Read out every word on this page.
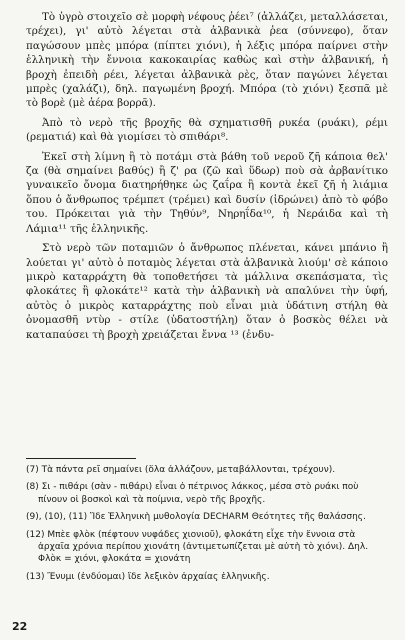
Τὸ ὑγρὸ στοιχεῖο σὲ μορφὴ νέφους ῥέει⁷ (ἀλλάζει, μεταλλάσεται, τρέχει), γι' αὐτὸ λέγεται στὰ ἀλβανικὰ ῥεα (σύννεφο), ὅταν παγώσουν μπὲς μπόρα (πίπτει χιόνι), ἡ λέξις μπόρα παίρνει στὴν ἑλληνικὴ τὴν ἔννοια κακοκαιρίας καθὼς καὶ στὴν ἀλβανική, ἡ βροχὴ ἐπειδὴ ρέει, λέγεται ἀλβανικὰ ρὲς, ὅταν παγώνει λέγεται μπρὲς (χαλάζι), δηλ. παγωμένη βροχή. Μπόρα (τὸ χιόνι) ξεσπᾶ μὲ τὸ βορὲ (μὲ ἀέρα βορρᾶ).

Ἀπὸ τὸ νερὸ τῆς βροχῆς θὰ σχηματισθῆ ρυκέα (ρυάκι), ρέμι (ρεματιά) καὶ θὰ γιομίσει τὸ σπιθάρι⁸.

Ἐκεῖ στὴ λίμνη ἢ τὸ ποτάμι στὰ βάθη τοῦ νεροῦ ζῆ κάποια θελ' ζα (θὰ σημαίνει βαθύς) ἢ ζ' ρα (ζῶ καὶ ὕδωρ) ποὺ σὰ ἀρβανίτικο γυναικεῖο ὄνομα διατηρήθηκε ὡς ζαΐρα ἢ κοντὰ ἐκεῖ ζῆ ἡ λιάμια ὅπου ὁ ἄνθρωπος τρέμπετ (τρέμει) καὶ δυσίν (ἱδρώνει) ἀπὸ τὸ φόβο του. Πρόκειται γιὰ τὴν Τηθύν⁹, Νηρηΐδα¹⁰, ἡ Νεράιδα καὶ τὴ Λάμια¹¹ τῆς ἑλληνικῆς.

Στὸ νερὸ τῶν ποταμιῶν ὁ ἄνθρωπος πλένεται, κάνει μπάνιο ἢ λούεται γι' αὐτὸ ὁ ποταμὸς λέγεται στὰ ἀλβανικὰ λιούμ' σὲ κάποιο μικρὸ καταρράχτη θὰ τοποθετήσει τὰ μάλλινα σκεπάσματα, τὶς φλοκάτες ἢ φλοκάτε¹² κατὰ τὴν ἀλβανικὴ νὰ απαλύνει τὴν ὑφή, αὐτὸς ὁ μικρὸς καταρράχτης ποὺ εἶναι μιὰ ὑδάτινη στήλη θὰ ὀνομασθῆ ντὺρ - στίλε (ὑδατοστήλη) ὅταν ὁ βοσκὸς θέλει νὰ καταπαύσει τὴ βροχὴ χρειάζεται ἔννα ¹³ (ἐνδυ-

(7) Τὰ πάντα ρεῖ σημαίνει (ὅλα ἀλλάζουν, μεταβάλλονται, τρέχουν).
(8) Σι - πιθάρι (σὰν - πιθάρι) εἶναι ὁ πέτρινος λάκκος, μέσα στὸ ρυάκι ποὺ πίνουν οἱ βοσκοὶ καὶ τὰ ποίμνια, νερὸ τῆς βροχῆς.
(9), (10), (11) Ἴδε Ἑλληνικὴ μυθολογία DECHARM Θεότητες τῆς θαλάσσης.
(12) Μπὲε φλὸκ (πέφτουν νυφάδες χιονιοῦ), φλοκάτη εἶχε τὴν ἔννοια στὰ ἀρχαῖα χρόνια περίπου χιονάτη (ἀντιμετωπίζεται μὲ αὐτὴ τὸ χιόνι). Δηλ. Φλὸκ = χιόνι, φλοκάτα = χιονάτη
(13) Ἔνυμι (ἐνδύομαι) ἴδε λεξικὸν ἀρχαίας ἑλληνικῆς.
22
